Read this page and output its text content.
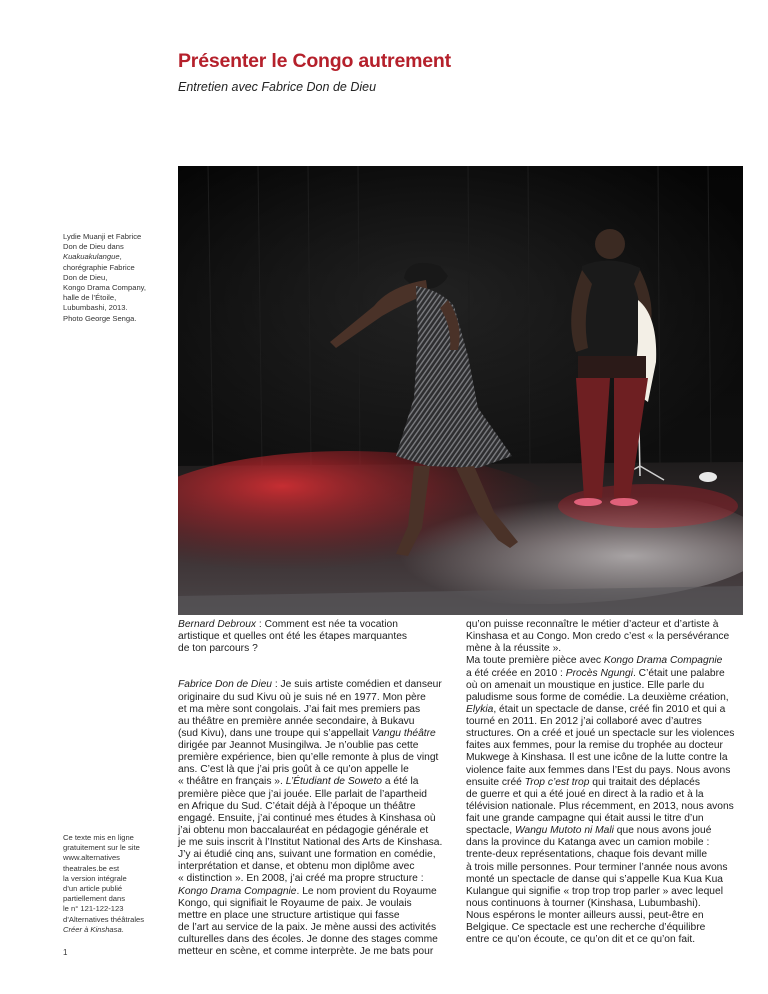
Présenter le Congo autrement
Entretien avec Fabrice Don de Dieu
Lydie Muanji et Fabrice
Don de Dieu dans
Kuakuakulangue,
chorégraphie Fabrice
Don de Dieu,
Kongo Drama Company,
halle de l’Étoile,
Lubumbashi, 2013.
Photo George Senga.
Ce texte mis en ligne
gratuitement sur le site
www.alternatives
theatrales.be est
la version intégrale
d’un article publié
partiellement dans
le n° 121-122-123
d’Alternatives théâtrales
Créer à Kinshasa.
1

Bernard Debroux : Comment est née ta vocation
artistique et quelles ont été les étapes marquantes
de ton parcours ?

Fabrice Don de Dieu : Je suis artiste comédien et danseur
originaire du sud Kivu où je suis né en 1977. Mon père
et ma mère sont congolais. J’ai fait mes premiers pas
au théâtre en première année secondaire, à Bukavu
(sud Kivu), dans une troupe qui s’appellait Vangu théâtre
dirigée par Jeannot Musingilwa. Je n’oublie pas cette
première expérience, bien qu’elle remonte à plus de vingt
ans. C’est là que j’ai pris goût à ce qu’on appelle le
« théâtre en français ». L’Étudiant de Soweto a été la
première pièce que j’ai jouée. Elle parlait de l’apartheid
en Afrique du Sud. C’était déjà à l’époque un théâtre
engagé. Ensuite, j’ai continué mes études à Kinshasa où
j’ai obtenu mon baccalauréat en pédagogie générale et
je me suis inscrit à l’Institut National des Arts de Kinshasa.
J’y ai étudié cinq ans, suivant une formation en comédie,
interprétation et danse, et obtenu mon diplôme avec
« distinction ». En 2008, j’ai créé ma propre structure :
Kongo Drama Compagnie. Le nom provient du Royaume
Kongo, qui signifiait le Royaume de paix. Je voulais
mettre en place une structure artistique qui fasse
de l’art au service de la paix. Je mène aussi des activités
culturelles dans des écoles. Je donne des stages comme
metteur en scène, et comme interprète. Je me bats pour

qu’on puisse reconnaître le métier d’acteur et d’artiste à
Kinshasa et au Congo. Mon credo c’est « la persévérance
mène à la réussite ».
Ma toute première pièce avec Kongo Drama Compagnie
a été créée en 2010 : Procès Ngungi. C’était une palabre
où on amenait un moustique en justice. Elle parle du
paludisme sous forme de comédie. La deuxième création,
Elykia, était un spectacle de danse, créé fin 2010 et qui a
tourné en 2011. En 2012 j’ai collaboré avec d’autres
structures. On a créé et joué un spectacle sur les violences
faites aux femmes, pour la remise du trophée au docteur
Mukwege à Kinshasa. Il est une icône de la lutte contre la
violence faite aux femmes dans l’Est du pays. Nous avons
ensuite créé Trop c’est trop qui traitait des déplacés
de guerre et qui a été joué en direct à la radio et à la
télévision nationale. Plus récemment, en 2013, nous avons
fait une grande campagne qui était aussi le titre d’un
spectacle, Wangu Mutoto ni Mali que nous avons joué
dans la province du Katanga avec un camion mobile :
trente-deux représentations, chaque fois devant mille
à trois mille personnes. Pour terminer l’année nous avons
monté un spectacle de danse qui s’appelle Kua Kua Kua
Kulangue qui signifie « trop trop trop parler » avec lequel
nous continuons à tourner (Kinshasa, Lubumbashi).
Nous espérons le monter ailleurs aussi, peut-être en
Belgique. Ce spectacle est une recherche d’équilibre
entre ce qu’on écoute, ce qu’on dit et ce qu’on fait.
